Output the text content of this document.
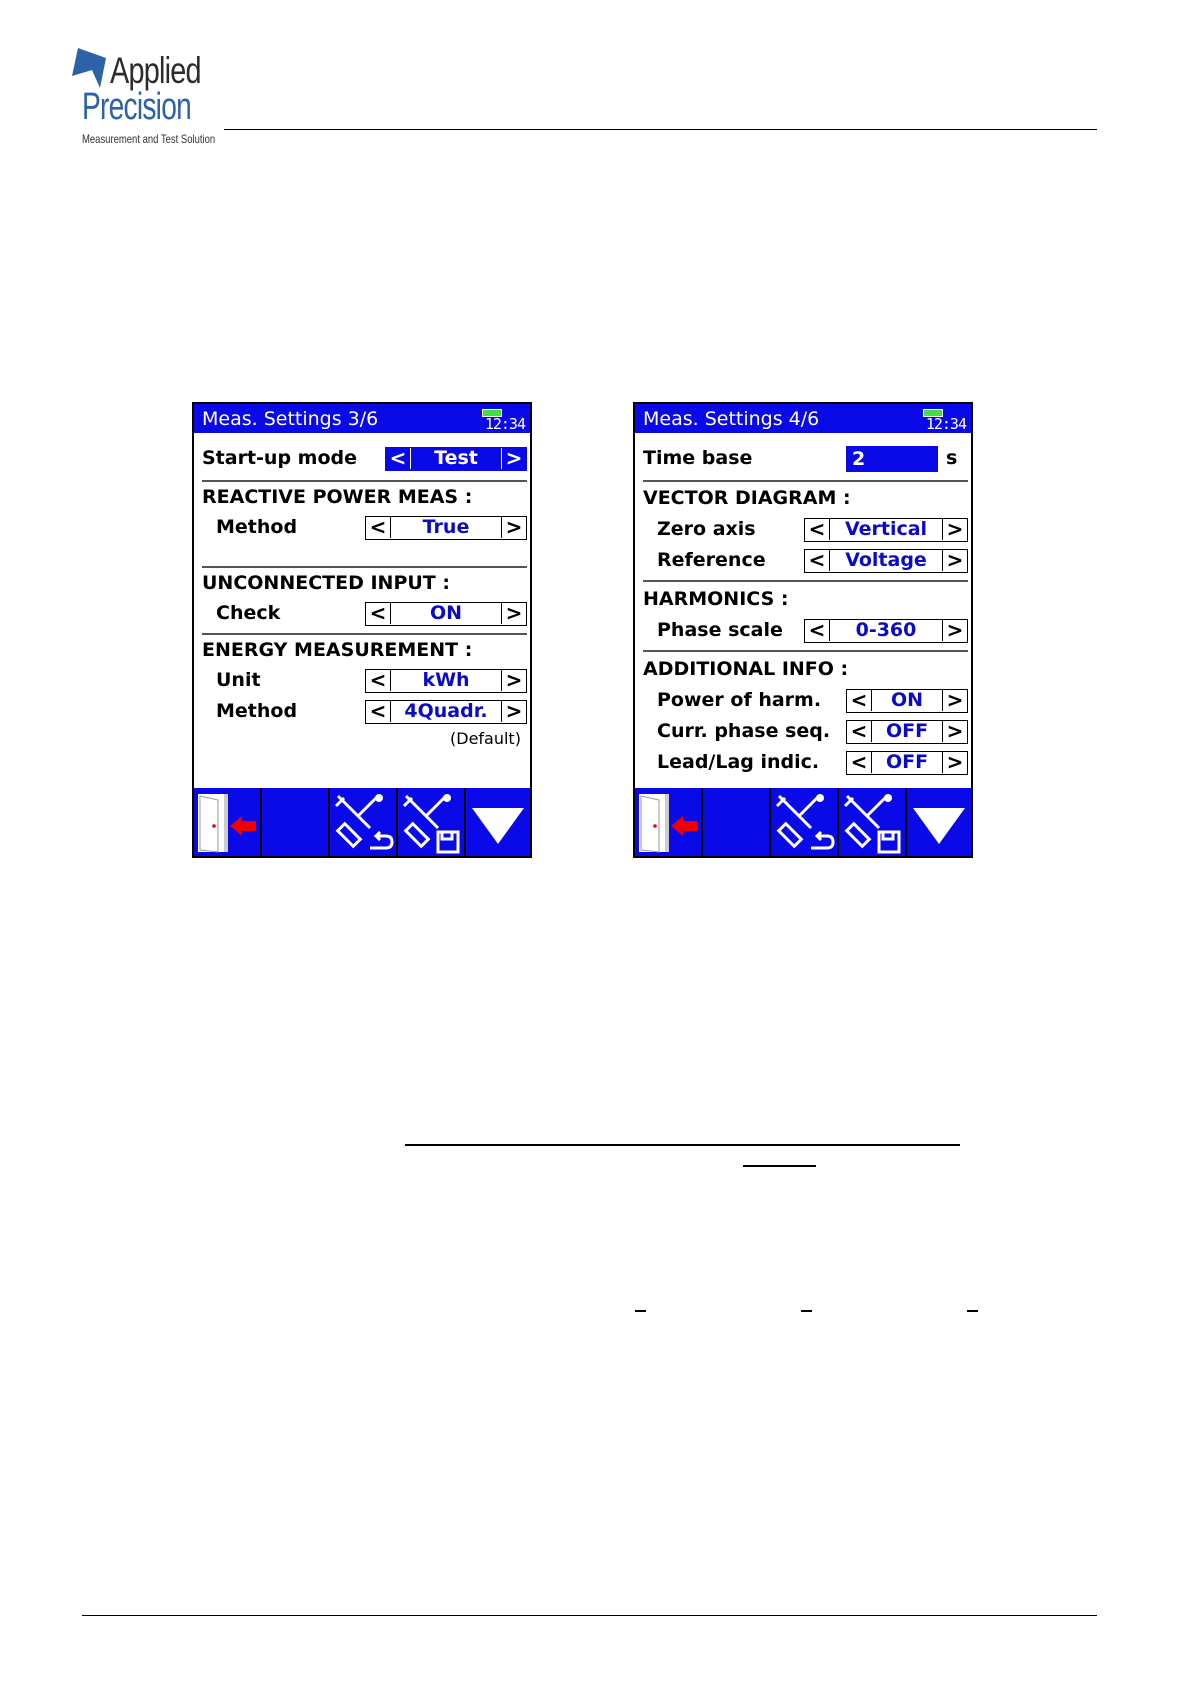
Applied
Precision
Measurement and Test Solution
Meas. Settings 3/6	12:34
Start-up mode <	Test	>
REACTIVE POWER MEAS :
Method	<	True	>
UNCONNECTED INPUT :
Check	<	ON	>
ENERGY MEASUREMENT :
Unit	<	kWh	>
Method	< 4Quadr. >
(Default)
Meas. Settings 4/6	12:34
Time base	2	s
VECTOR DIAGRAM :
Zero axis	<	Vertical >
Reference <	Voltage >
HARMONICS :
Phase scale <	0-360	>
ADDITIONAL INFO :
Power of harm. <	ON	>
Curr. phase seq. < OFF >
Lead/Lag indic. < OFF >
